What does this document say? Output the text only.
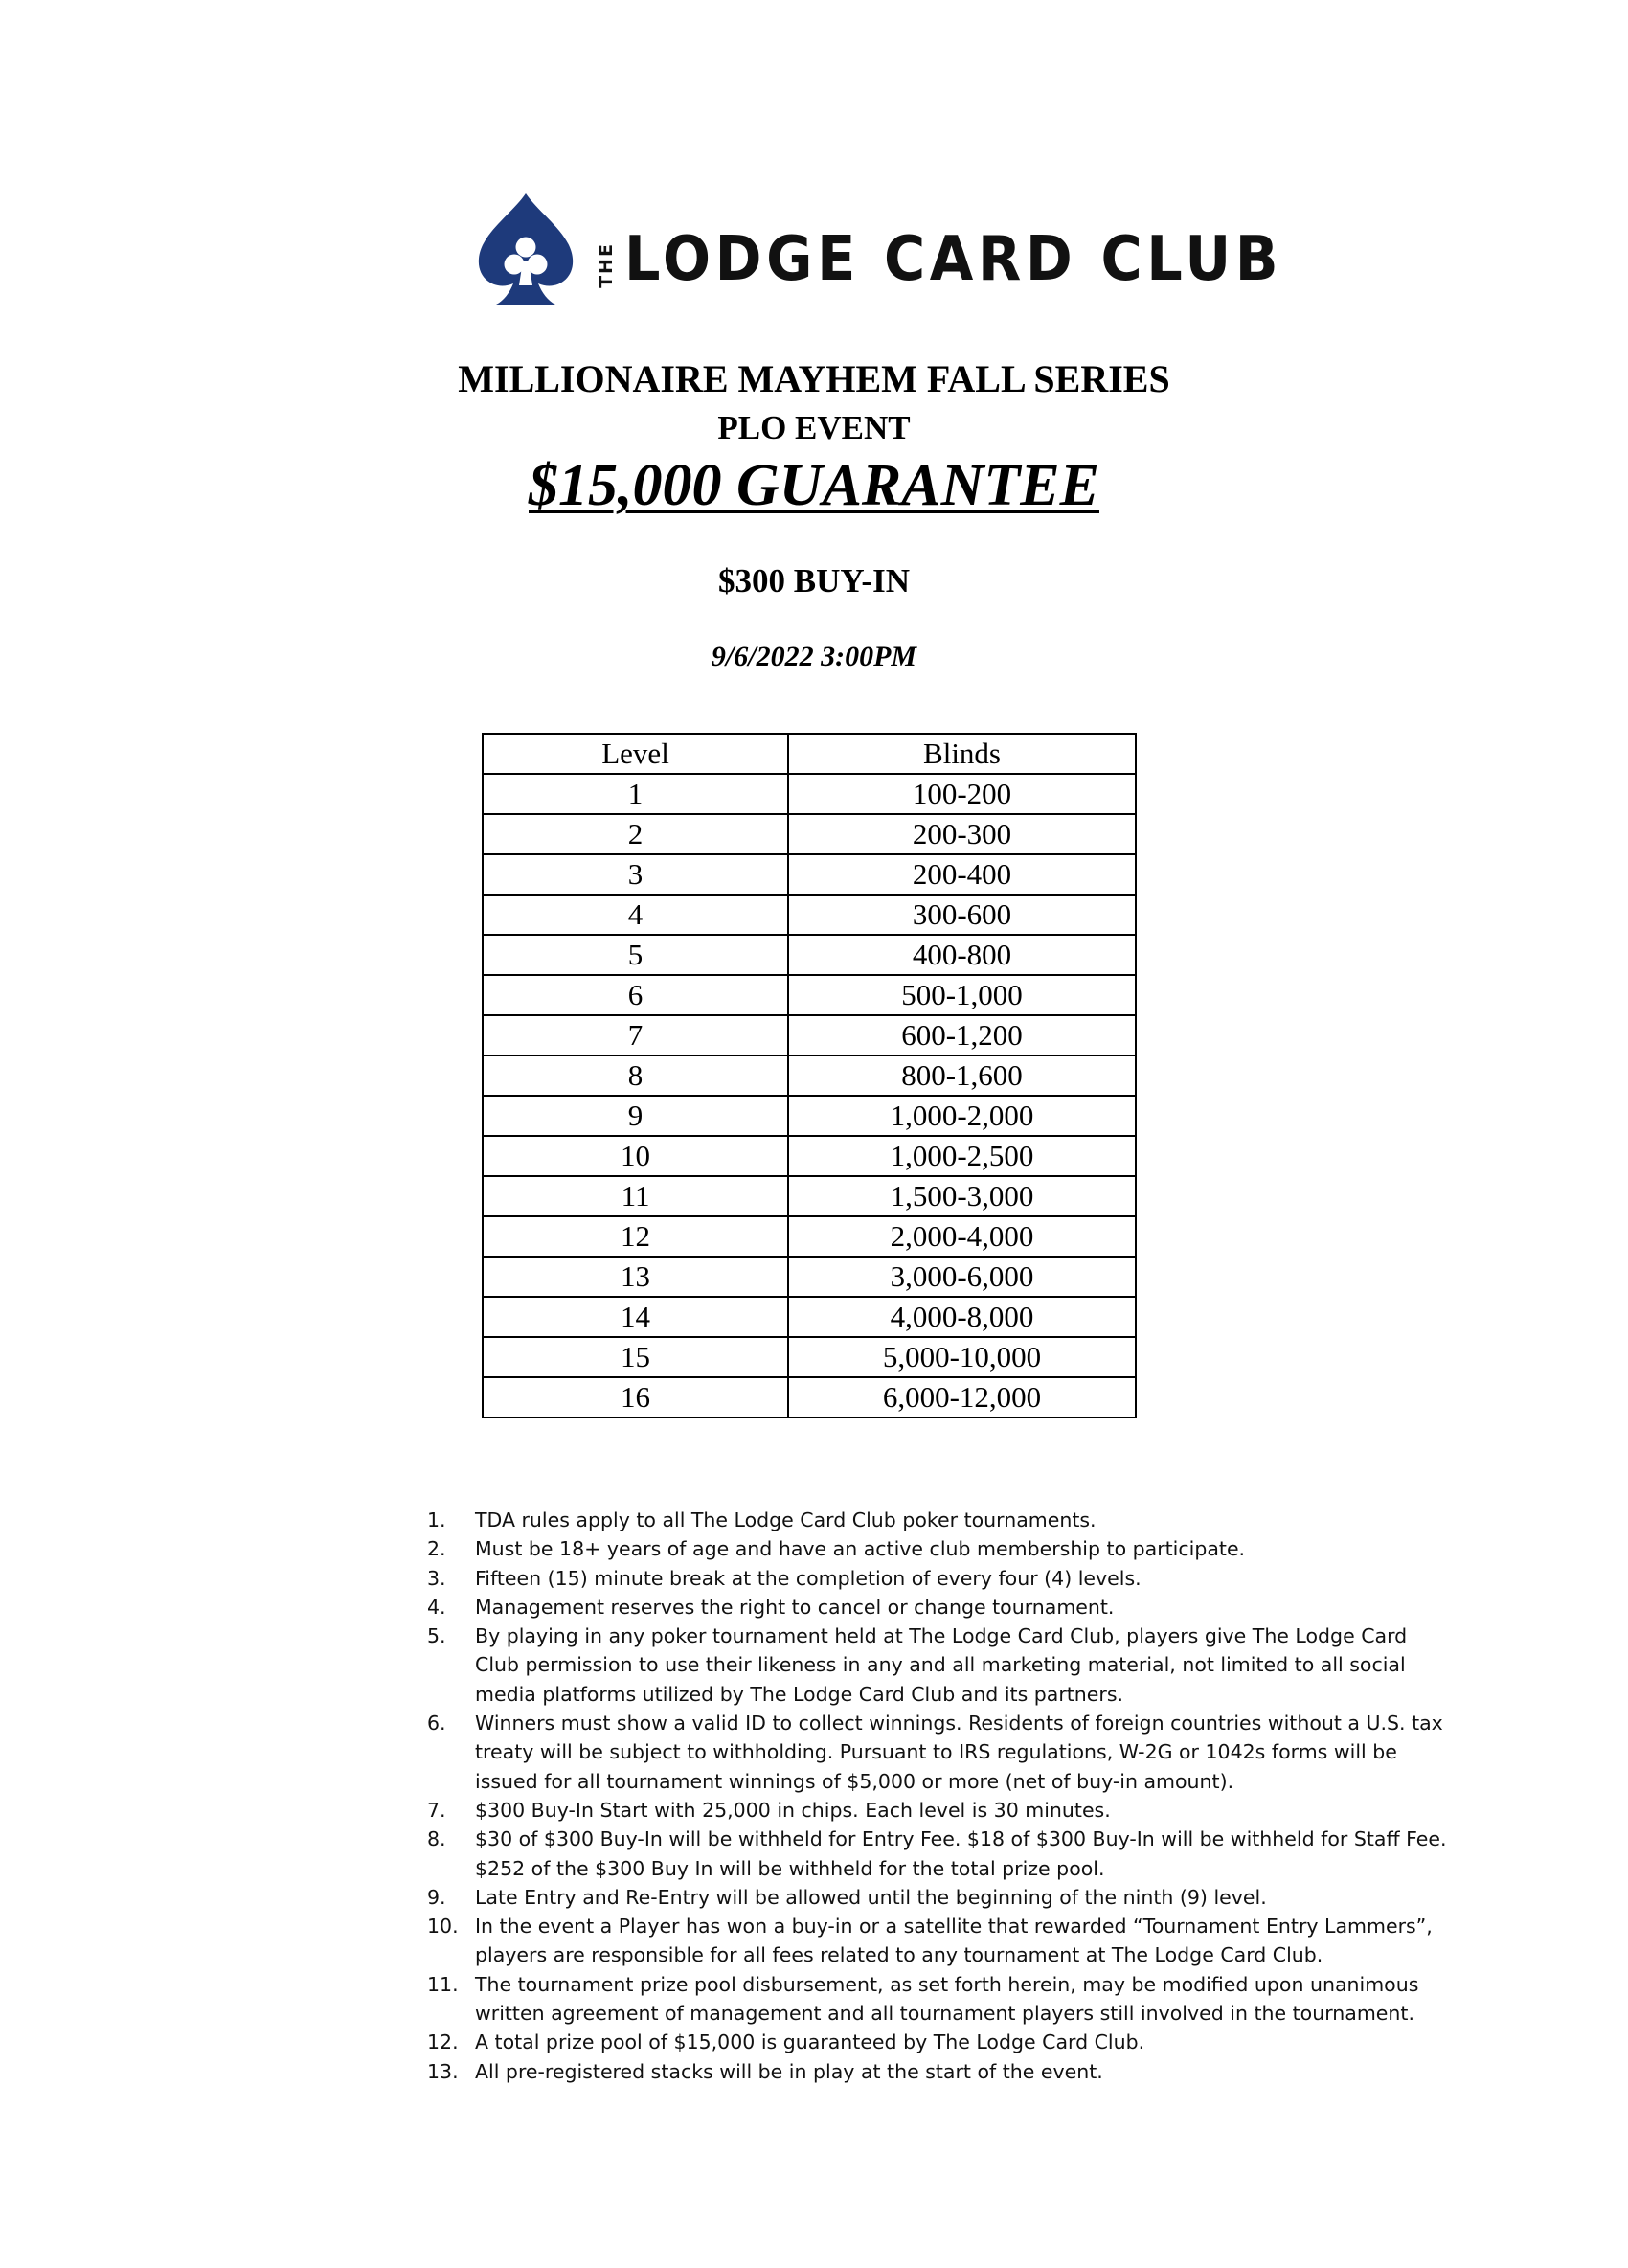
THE LODGE CARD CLUB
MILLIONAIRE MAYHEM FALL SERIES
PLO EVENT
$15,000 GUARANTEE
$300 BUY-IN
9/6/2022 3:00PM
Level	Blinds
1	100-200
2	200-300
3	200-400
4	300-600
5	400-800
6	500-1,000
7	600-1,200
8	800-1,600
9	1,000-2,000
10	1,000-2,500
11	1,500-3,000
12	2,000-4,000
13	3,000-6,000
14	4,000-8,000
15	5,000-10,000
16	6,000-12,000
1. TDA rules apply to all The Lodge Card Club poker tournaments.
2. Must be 18+ years of age and have an active club membership to participate.
3. Fifteen (15) minute break at the completion of every four (4) levels.
4. Management reserves the right to cancel or change tournament.
5. By playing in any poker tournament held at The Lodge Card Club, players give The Lodge Card Club permission to use their likeness in any and all marketing material, not limited to all social media platforms utilized by The Lodge Card Club and its partners.
6. Winners must show a valid ID to collect winnings. Residents of foreign countries without a U.S. tax treaty will be subject to withholding. Pursuant to IRS regulations, W-2G or 1042s forms will be issued for all tournament winnings of $5,000 or more (net of buy-in amount).
7. $300 Buy-In Start with 25,000 in chips. Each level is 30 minutes.
8. $30 of $300 Buy-In will be withheld for Entry Fee. $18 of $300 Buy-In will be withheld for Staff Fee. $252 of the $300 Buy In will be withheld for the total prize pool.
9. Late Entry and Re-Entry will be allowed until the beginning of the ninth (9) level.
10. In the event a Player has won a buy-in or a satellite that rewarded “Tournament Entry Lammers”, players are responsible for all fees related to any tournament at The Lodge Card Club.
11. The tournament prize pool disbursement, as set forth herein, may be modified upon unanimous written agreement of management and all tournament players still involved in the tournament.
12. A total prize pool of $15,000 is guaranteed by The Lodge Card Club.
13. All pre-registered stacks will be in play at the start of the event.
